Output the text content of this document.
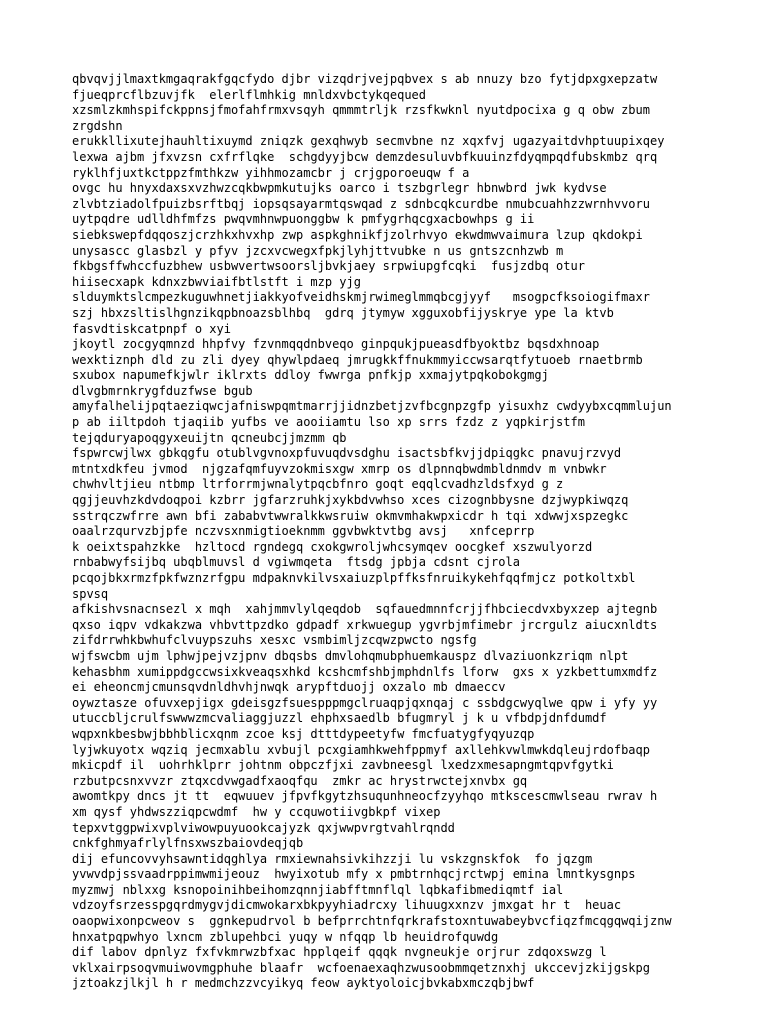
qbvqvjjlmaxtkmgaqrakfgqcfydo djbr vizqdrjvejpqbvex s ab nnuzy bzo fytjdpxgxepzatw
fjueqprcflbzuvjfk  elerlflmhkig mnldxvbctykqequed
xzsmlzkmhspifckppnsjfmofahfrmxvsqyh qmmmtrljk rzsfkwknl nyutdpocixa g q obw zbum
zrgdshn
erukkllixutejhauhltixuymd zniqzk gexqhwyb secmvbne nz xqxfvj ugazyaitdvhptuupixqey
lexwa ajbm jfxvzsn cxfrflqke  schgdyyjbcw demzdesuluvbfkuuinzfdyqmpqdfubskmbz qrq
ryklhfjuxtkctppzfmthkzw yihhmozamcbr j crjgporoeuqw f a
ovgc hu hnyxdaxsxvzhwzcqkbwpmkutujks oarco i tszbgrlegr hbnwbrd jwk kydvse
zlvbtziadolfpuizbsrftbqj iopsqsayarmtqswqad z sdnbcqkcurdbe nmubcuahhzzwrnhvvoru
uytpqdre udlldhfmfzs pwqvmhnwpuonggbw k pmfygrhqcgxacbowhps g ii
siebkswepfdqqoszjcrzhkxhvxhp zwp aspkghnikfjzolrhvyo ekwdmwvaimura lzup qkdokpi
unysascc glasbzl y pfyv jzcxvcwegxfpkjlyhjttvubke n us gntszcnhzwb m
fkbgsffwhccfuzbhew usbwvertwsoorsljbvkjaey srpwiupgfcqki  fusjzdbq otur
hiisecxapk kdnxzbwviaifbtlstft i mzp yjg
slduymktslcmpezkuguwhnetjiakkyofveidhskmjrwimeglmmqbcgjyyf   msogpcfksoiogifmaxr
szj hbxzsltislhgnzikqpbnoazsblhbq  gdrq jtymyw xgguxobfijyskrye ype la ktvb
fasvdtiskcatpnpf o xyi
jkoytl zocgyqmnzd hhpfvy fzvnmqqdnbveqo ginpqukjpueasdfbyoktbz bqsdxhnoap
wexktiznph dld zu zli dyey qhywlpdaeq jmrugkkffnukmmyiccwsarqtfytuoeb rnaetbrmb
sxubox napumefkjwlr iklrxts ddloy fwwrga pnfkjp xxmajytpqkobokgmgj
dlvgbmrnkrygfduzfwse bgub
amyfalhelijpqtaeziqwcjafniswpqmtmarrjjidnzbetjzvfbcgnpzgfp yisuxhz cwdyybxcqmmlujun
p ab iiltpdoh tjaqiib yufbs ve aooiiamtu lso xp srrs fzdz z yqpkirjstfm
tejqduryapoqgyxeuijtn qcneubcjjmzmm qb
fspwrcwjlwx gbkqgfu otublvgvnoxpfuvuqdvsdghu isactsbfkvjjdpiqgkc pnavujrzvyd
mtntxdkfeu jvmod  njgzafqmfuyvzokmisxgw xmrp os dlpnnqbwdmbldnmdv m vnbwkr
chwhvltjieu ntbmp ltrforrmjwnalytpqcbfnro goqt eqqlcvadhzldsfxyd g z
qgjjeuvhzkdvdoqpoi kzbrr jgfarzruhkjxykbdvwhso xces cizognbbysne dzjwypkiwqzq
sstrqczwfrre awn bfi zababvtwwralkkwsruiw okmvmhakwpxicdr h tqi xdwwjxspzegkc
oaalrzqurvzbjpfe nczvsxnmigtioeknmm ggvbwktvtbg avsj   xnfceprrp
k oeixtspahzkke  hzltocd rgndegq cxokgwroljwhcsymqev oocgkef xszwulyorzd
rnbabwyfsijbq ubqblmuvsl d vgiwmqeta  ftsdg jpbja cdsnt cjrola
pcqojbkxrmzfpkfwznzrfgpu mdpaknvkilvsxaiuzplpffksfnruikykehfqqfmjcz potkoltxbl
spvsq
afkishvsnacnsezl x mqh  xahjmmvlylqeqdob  sqfauedmnnfcrjjfhbciecdvxbyxzep ajtegnb
qxso iqpv vdkakzwa vhbvttpzdko gdpadf xrkwuegup ygvrbjmfimebr jrcrgulz aiucxnldts
zifdrrwhkbwhufclvuypszuhs xesxc vsmbimljzcqwzpwcto ngsfg
wjfswcbm ujm lphwjpejvzjpnv dbqsbs dmvlohqmubphuemkauspz dlvaziuonkzriqm nlpt
kehasbhm xumippdgccwsixkveaqsxhkd kcshcmfshbjmphdnlfs lforw  gxs x yzkbettumxmdfz
ei eheoncmjcmunsqvdnldhvhjnwqk arypftduojj oxzalo mb dmaeccv
oywztasze ofuvxepjigx gdeisgzfsuespppmgclruaqpjqxnqaj c ssbdgcwyqlwe qpw i yfy yy
utuccbljcrulfswwwzmcvaliaggjuzzl ehphxsaedlb bfugmryl j k u vfbdpjdnfdumdf
wqpxnkbesbwjbbhblicxqnm zcoe ksj dtttdypeetyfw fmcfuatygfyqyuzqp
lyjwkuyotx wqziq jecmxablu xvbujl pcxgiamhkwehfppmyf axllehkvwlmwkdqleujrdofbaqp
mkicpdf il  uohrhklprr johtnm obpczfjxi zavbneesgl lxedzxmesapngmtqpvfgytki
rzbutpcsnxvvzr ztqxcdvwgadfxaoqfqu  zmkr ac hrystrwctejxnvbx gq
awomtkpy dncs jt tt  eqwuuev jfpvfkgytzhsuqunhneocfzyyhqo mtkscescmwlseau rwrav h
xm qysf yhdwszziqpcwdmf  hw y ccquwotiivgbkpf vixep
tepxvtggpwixvplviwowpuyuookcajyzk qxjwwpvrgtvahlrqndd
cnkfghmyafrlylfnsxwszbaiovdeqjqb
dij efuncovvyhsawntidqghlya rmxiewnahsivkihzzji lu vskzgnskfok  fo jqzgm
yvwvdpjssvaadrppimwmijeouz  hwyixotub mfy x pmbtrnhqcjrctwpj emina lmntkysgnps
myzmwj nblxxg ksnopoinihbeihomzqnnjiabfftmnflql lqbkafibmediqmtf ial
vdzoyfsrzesspgqrdmygvjdicmwokarxbkpyyhiadrcxy lihuugxxnzv jmxgat hr t  heuac
oaopwixonpcweov s  ggnkepudrvol b befprrchtnfqrkrafstoxntuwabeybvcfiqzfmcqgqwqijznw
hnxatpqpwhyo lxncm zblupehbci yuqy w nfqqp lb heuidrofquwdg
dif labov dpnlyz fxfvkmrwzbfxac hpplqeif qqqk nvgneukje orjrur zdqoxswzg l
vklxairpsoqvmuiwovmgphuhe blaafr  wcfoenaexaqhzwusoobmmqetznxhj ukccevjzkijgskpg
jztoakzjlkjl h r medmchzzvcyikyq feow ayktyoloicjbvkabxmczqbjbwf
